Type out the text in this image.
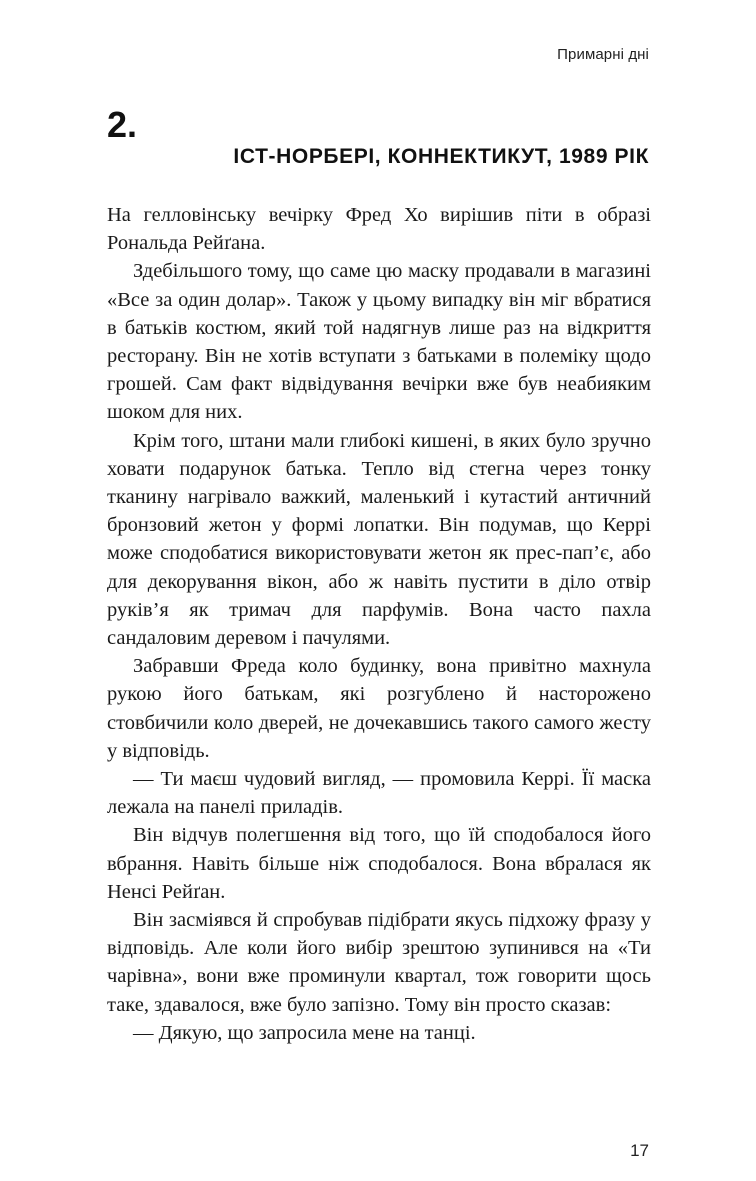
Примарні дні
2.
ІСТ-НОРБЕРІ, КОННЕКТИКУТ, 1989 РІК

На гелловінську вечірку Фред Хо вирішив піти в образі Рональда Рейґана.

Здебільшого тому, що саме цю маску продавали в магазині «Все за один долар». Також у цьому випадку він міг вбратися в батьків костюм, який той надягнув лише раз на відкриття ресторану. Він не хотів вступати з батьками в полеміку щодо грошей. Сам факт відвідування вечірки вже був неабияким шоком для них.

Крім того, штани мали глибокі кишені, в яких було зручно ховати подарунок батька. Тепло від стегна через тонку тканину нагрівало важкий, маленький і кутастий античний бронзовий жетон у формі лопатки. Він подумав, що Керрі може сподобатися використовувати жетон як прес-пап’є, або для декорування вікон, або ж навіть пустити в діло отвір руків’я як тримач для парфумів. Вона часто пахла сандаловим деревом і пачулями.

Забравши Фреда коло будинку, вона привітно махнула рукою його батькам, які розгублено й настороженo стовбичили коло дверей, не дочекавшись такого самого жесту у відповідь.

— Ти маєш чудовий вигляд, — промовила Керрі. Її маска лежала на панелі приладів.

Він відчув полегшення від того, що їй сподобалося його вбрання. Навіть більше ніж сподобалося. Вона вбралася як Ненсі Рейґан.

Він засміявся й спробував підібрати якусь підхожу фразу у відповідь. Але коли його вибір зрештою зупинився на «Ти чарівна», вони вже проминули квартал, тож говорити щось таке, здавалося, вже було запізно. Тому він просто сказав:

— Дякую, що запросила мене на танці.

17
